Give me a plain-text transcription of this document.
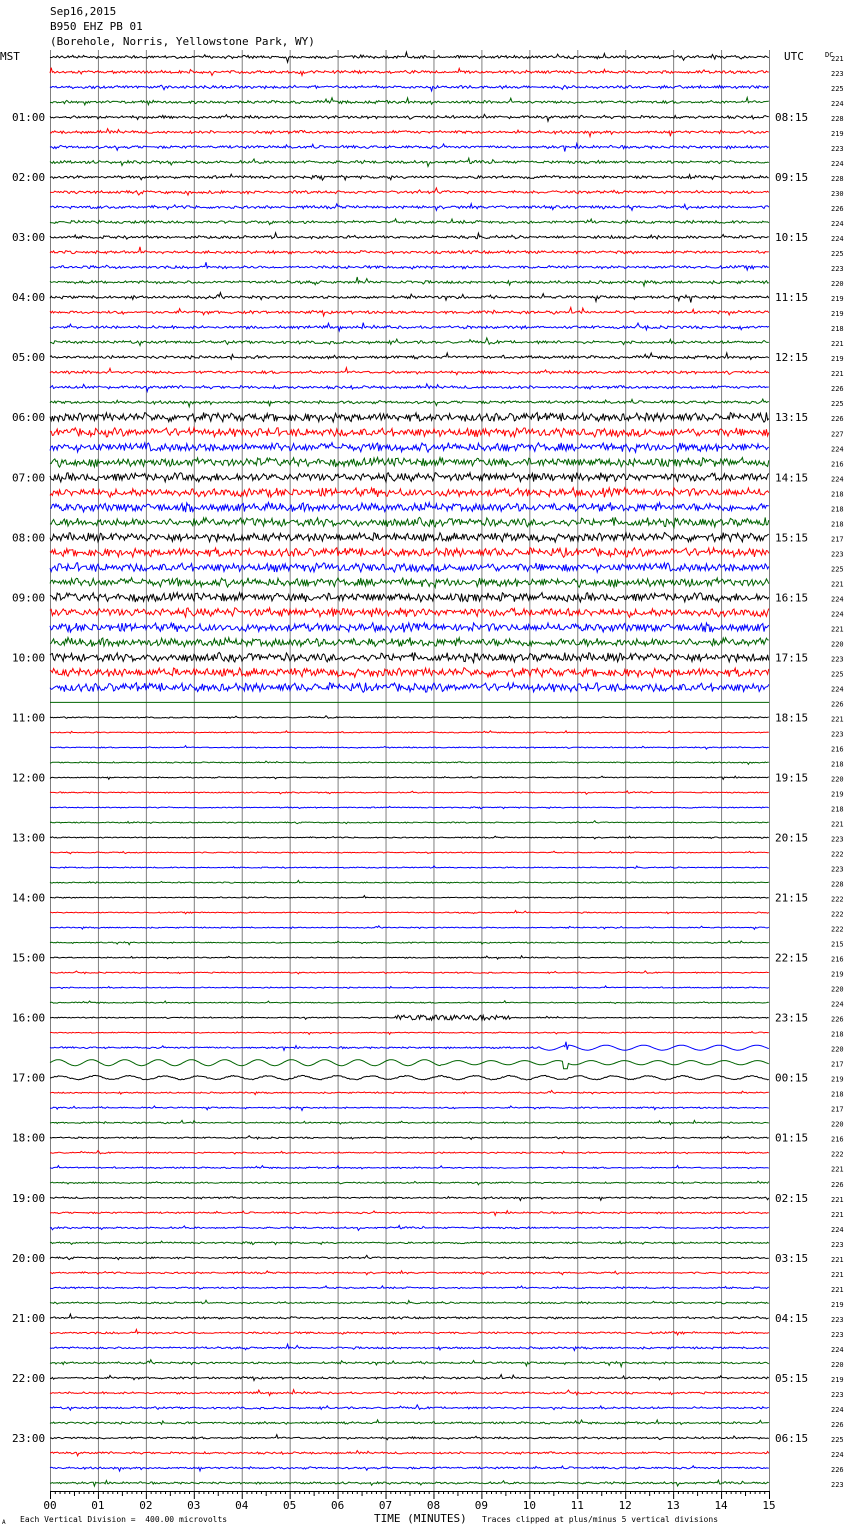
Sep16,2015
B950 EHZ PB 01
(Borehole, Norris, Yellowstone Park, WY)
MST	UTC	DC
221
223
225
224
228
219
223
224
228
230
226
224
224
225
223
220
219
219
218
221
219
221
226
225
226
227
224
216
224
218
218
218
217
223
225
221
224
224
221
220
223
225
224
226
221
223
216
218
220
219
218
221
223
222
223
228
222
222
222
215
216
219
220
224
226
218
220
217
219
218
217
220
216
222
221
226
221
221
224
223
221
221
221
219
223
223
224
220
219
223
224
226
225
224
226
223
01:00	08:15
02:00	09:15
03:00	10:15
04:00	11:15
05:00	12:15
06:00	13:15
07:00	14:15
08:00	15:15
09:00	16:15
10:00	17:15
11:00	18:15
12:00	19:15
13:00	20:15
14:00	21:15
15:00	22:15
16:00	23:15
17:00	00:15
18:00	01:15
19:00	02:15
20:00	03:15
21:00	04:15
22:00	05:15
23:00	06:15
00	01	02	03	04	05	06	07	08	09	10	11	12	13	14	15
A Each Vertical Division =  400.00 microvolts	TIME (MINUTES) Traces clipped at plus/minus 5 vertical divisions
